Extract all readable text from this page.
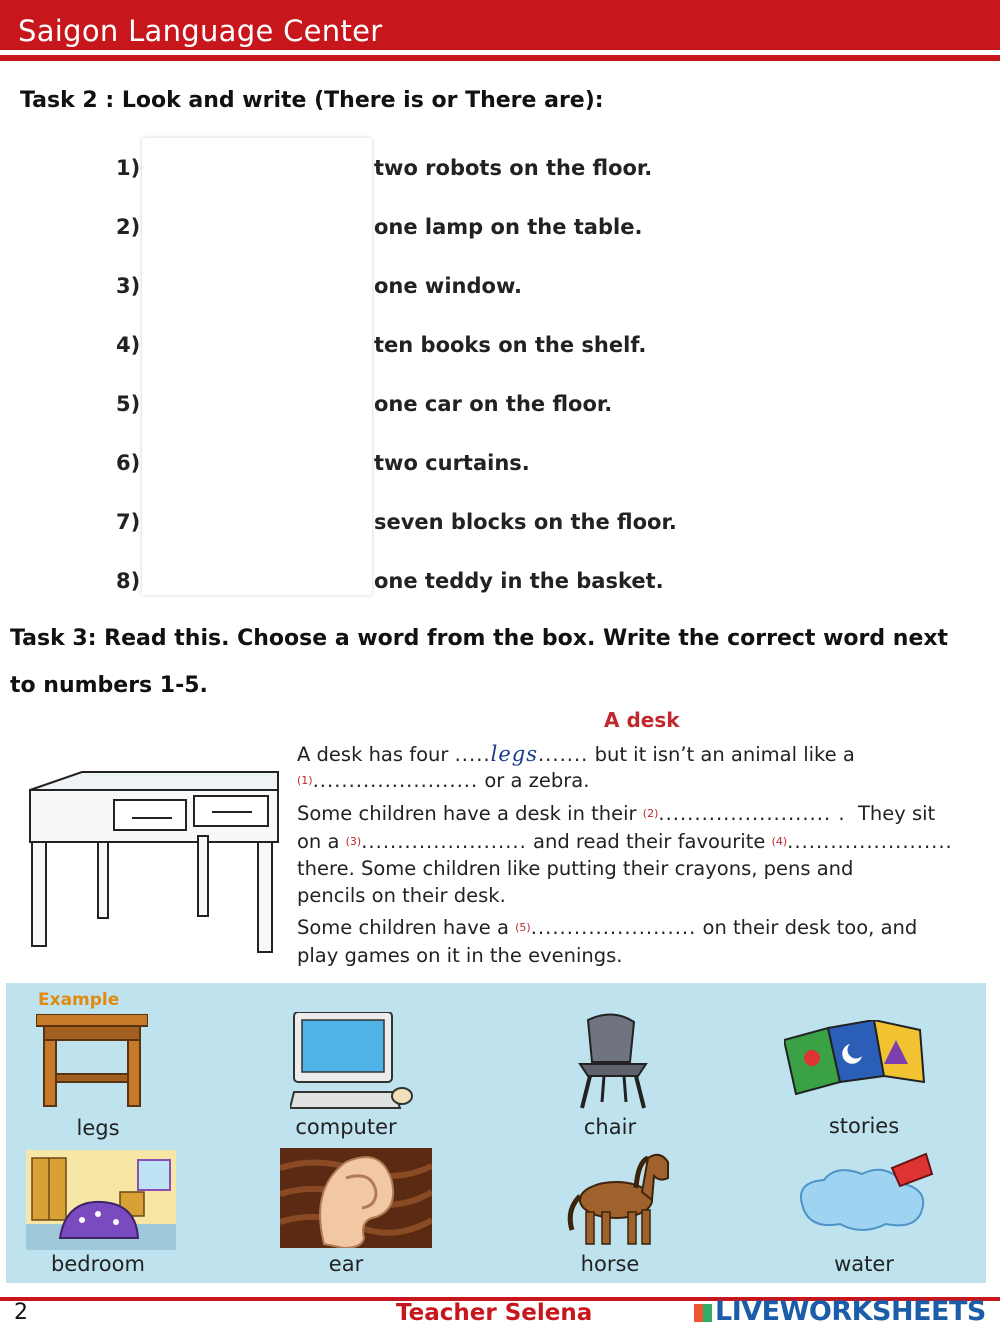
Saigon Language Center
Task 2 : Look and write (There is or There are):
1)	two robots on the floor.
2)	one lamp on the table.
3)	one window.
4)	ten books on the shelf.
5)	one car on the floor.
6)	two curtains.
7)	seven blocks on the floor.
8)	one teddy in the basket.
Task 3: Read this. Choose a word from the box. Write the correct word next
to numbers 1-5.
A desk
A desk has four .....legs....... but it isn’t an animal like a
$^{(1)}$....................... or a zebra.
Some children have a desk in their $^{(2)}$........................ . They sit
on a $^{(3)}$....................... and read their favourite $^{(4)}$.......................
there. Some children like putting their crayons, pens and
pencils on their desk.
Some children have a $^{(5)}$....................... on their desk too, and
play games on it in the evenings.
Example
legs	computer	chair	stories
bedroom	ear	horse	water
2	Teacher Selena	LIVEWORKSHEETS
